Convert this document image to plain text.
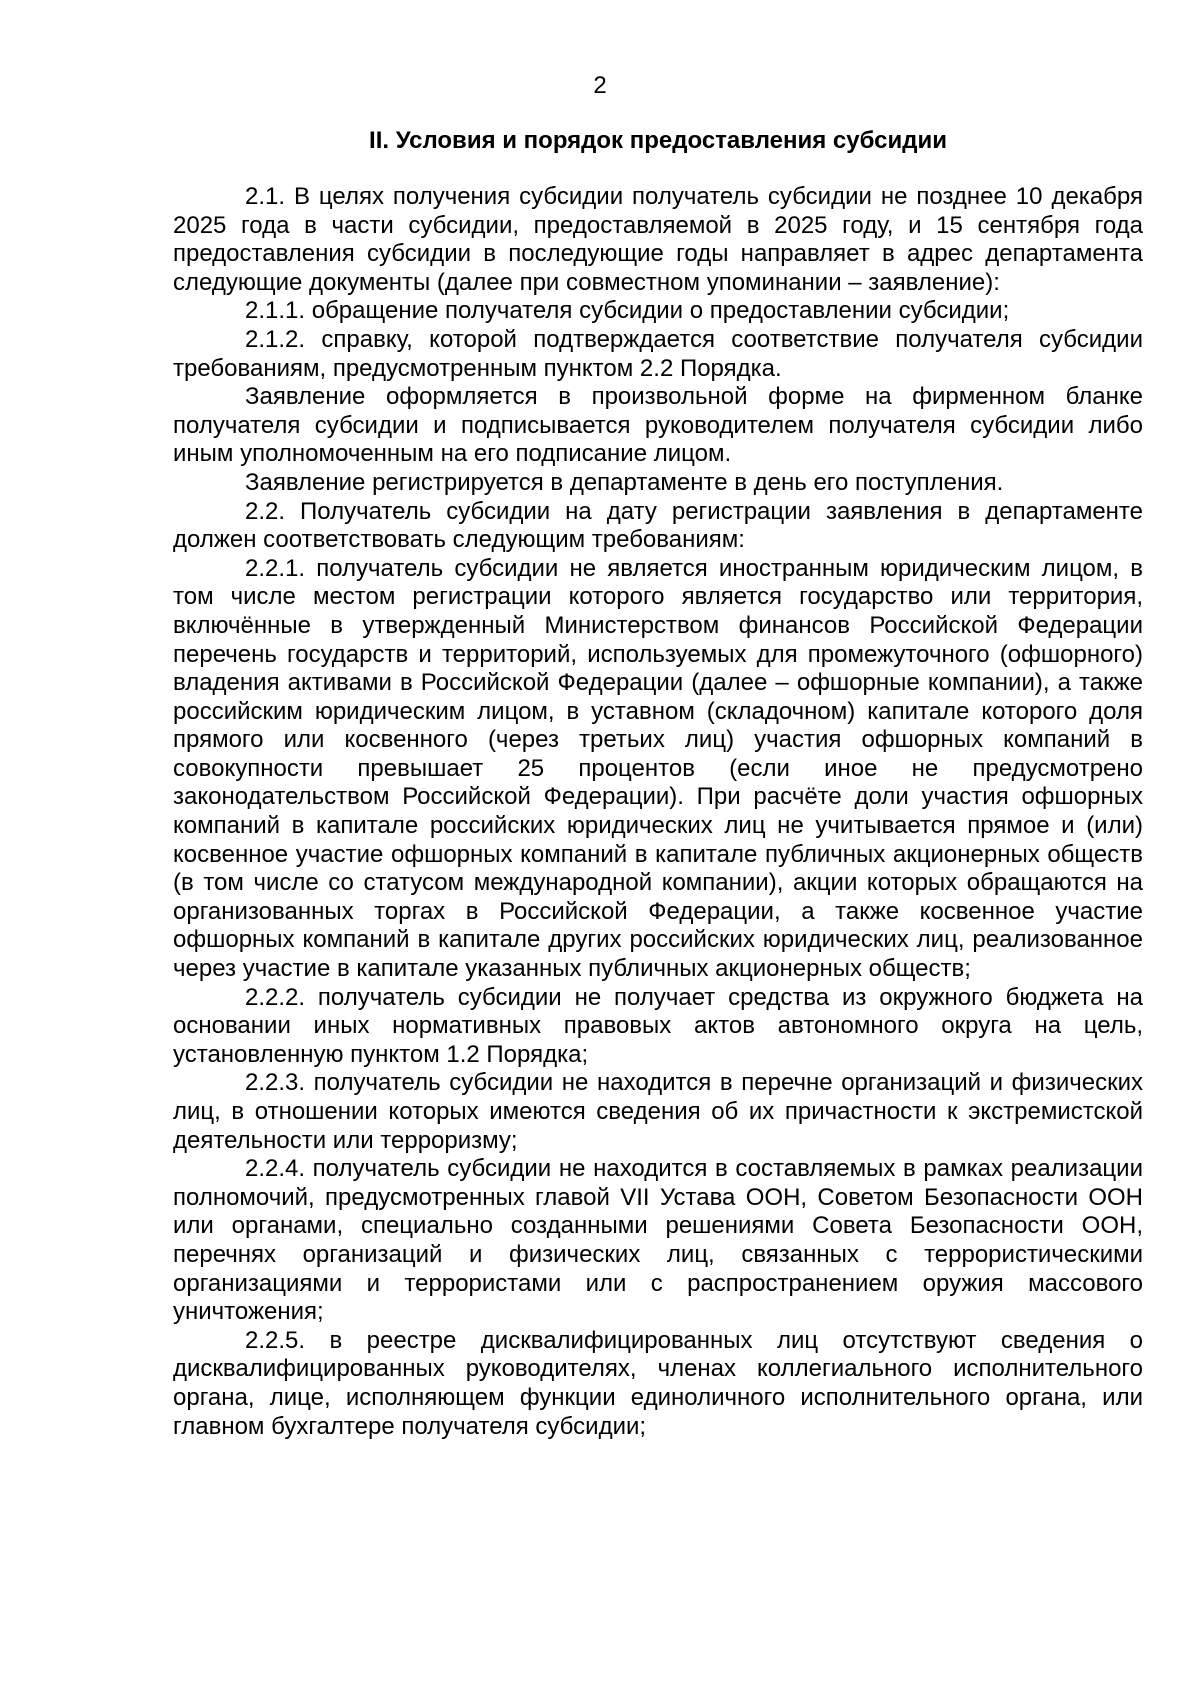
2
II. Условия и порядок предоставления субсидии

2.1. В целях получения субсидии получатель субсидии не позднее 10 декабря 2025 года в части субсидии, предоставляемой в 2025 году, и 15 сентября года предоставления субсидии в последующие годы направляет в адрес департамента следующие документы (далее при совместном упоминании – заявление):

2.1.1. обращение получателя субсидии о предоставлении субсидии;

2.1.2. справку, которой подтверждается соответствие получателя субсидии требованиям, предусмотренным пунктом 2.2 Порядка.

Заявление оформляется в произвольной форме на фирменном бланке получателя субсидии и подписывается руководителем получателя субсидии либо иным уполномоченным на его подписание лицом.

Заявление регистрируется в департаменте в день его поступления.

2.2. Получатель субсидии на дату регистрации заявления в департаменте должен соответствовать следующим требованиям:

2.2.1. получатель субсидии не является иностранным юридическим лицом, в том числе местом регистрации которого является государство или территория, включённые в утвержденный Министерством финансов Российской Федерации перечень государств и территорий, используемых для промежуточного (офшорного) владения активами в Российской Федерации (далее – офшорные компании), а также российским юридическим лицом, в уставном (складочном) капитале которого доля прямого или косвенного (через третьих лиц) участия офшорных компаний в совокупности превышает 25 процентов (если иное не предусмотрено законодательством Российской Федерации). При расчёте доли участия офшорных компаний в капитале российских юридических лиц не учитывается прямое и (или) косвенное участие офшорных компаний в капитале публичных акционерных обществ (в том числе со статусом международной компании), акции которых обращаются на организованных торгах в Российской Федерации, а также косвенное участие офшорных компаний в капитале других российских юридических лиц, реализованное через участие в капитале указанных публичных акционерных обществ;

2.2.2. получатель субсидии не получает средства из окружного бюджета на основании иных нормативных правовых актов автономного округа на цель, установленную пунктом 1.2 Порядка;

2.2.3. получатель субсидии не находится в перечне организаций и физических лиц, в отношении которых имеются сведения об их причастности к экстремистской деятельности или терроризму;

2.2.4. получатель субсидии не находится в составляемых в рамках реализации полномочий, предусмотренных главой VII Устава ООН, Советом Безопасности ООН или органами, специально созданными решениями Совета Безопасности ООН, перечнях организаций и физических лиц, связанных с террористическими организациями и террористами или с распространением оружия массового уничтожения;

2.2.5. в реестре дисквалифицированных лиц отсутствуют сведения о дисквалифицированных руководителях, членах коллегиального исполнительного органа, лице, исполняющем функции единоличного исполнительного органа, или главном бухгалтере получателя субсидии;
